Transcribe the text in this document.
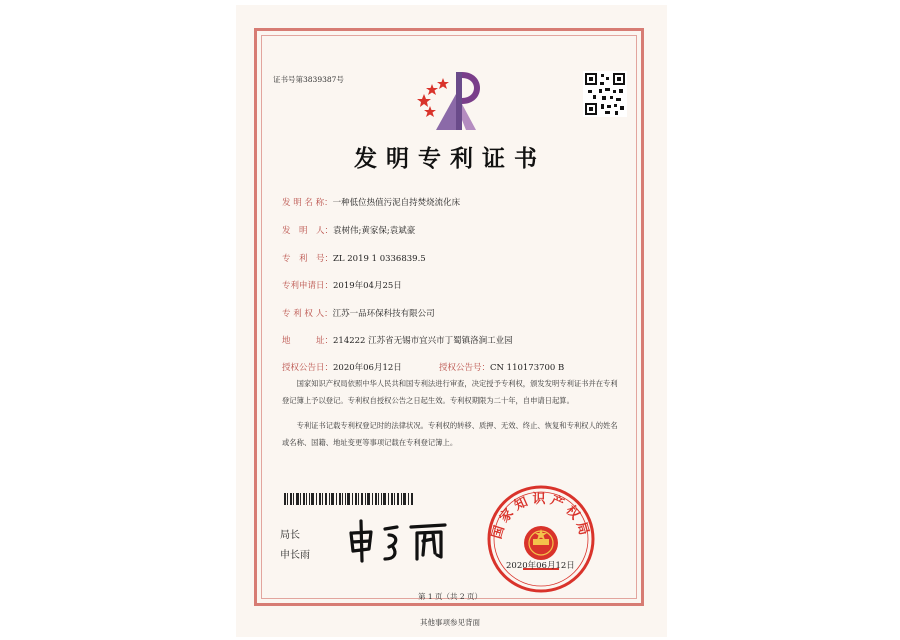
证书号第3839387号
发明专利证书
发 明 名 称：一种低位热值污泥自持焚烧流化床
发　明　人：袁树伟;黄家保;袁斌豪
专　利　号：ZL 2019 1 0336839.5
专利申请日：2019年04月25日
专 利 权 人：江苏一品环保科技有限公司
地　　　址：214222 江苏省无锡市宜兴市丁蜀镇洛涧工业园
授权公告日：2020年06月12日	授权公告号：CN 110173700 B

国家知识产权局依照中华人民共和国专利法进行审查，决定授予专利权，颁发发明专利证书并在专利登记簿上予以登记。专利权自授权公告之日起生效。专利权期限为二十年，自申请日起算。

专利证书记载专利权登记时的法律状况。专利权的转移、质押、无效、终止、恢复和专利权人的姓名或名称、国籍、地址变更等事项记载在专利登记簿上。

局长
申长雨
国家知识产权局
2020年06月12日
第 1 页（共 2 页）
其他事项参见背面
